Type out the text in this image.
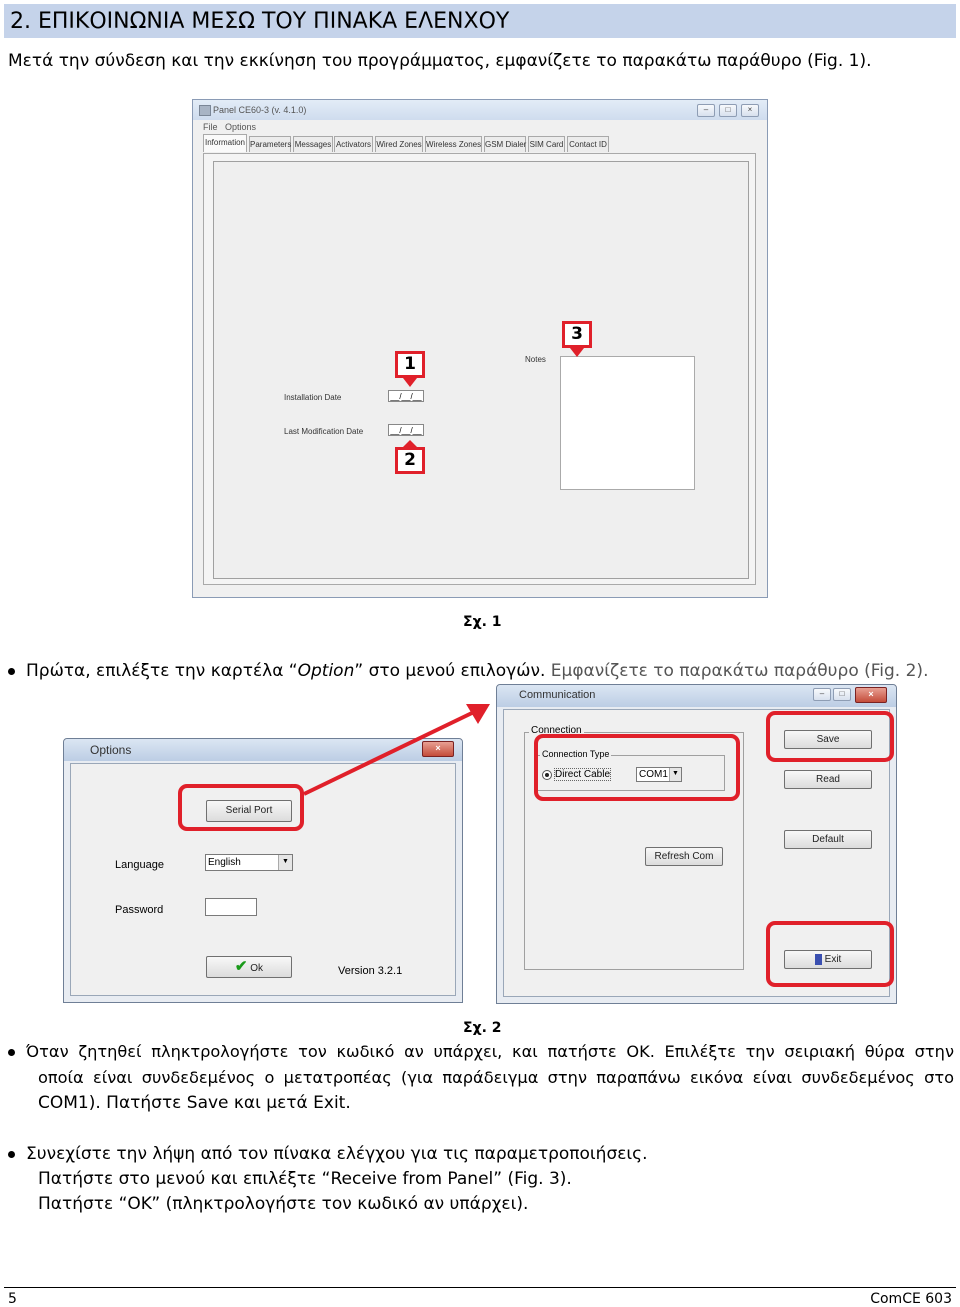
2. ΕΠΙΚΟΙΝΩΝΙΑ ΜΕΣΩ ΤΟΥ ΠΙΝΑΚΑ ΕΛΕΝΧΟΥ
Μετά την σύνδεση και την εκκίνηση του προγράμματος, εμφανίζετε το παρακάτω παράθυρο (Fig. 1).
Panel CE60-3 (v. 4.1.0)	–	□	×
File Options
Information Parameters Messages Activators Wired Zones Wireless Zones GSM Dialer SIM Card Contact ID
Installation Date	__/__/__
Last Modification Date	__/__/__
Notes
1
2
3
Σχ. 1
Πρώτα, επιλέξτε την καρτέλα “Option” στο μενού επιλογών. Εμφανίζετε το παρακάτω παράθυρο (Fig. 2).
Options	×
Serial Port
Language	English	▼
Password
✔ Ok	Version 3.2.1
Communication	–	□	×
Connection
Connection Type
Direct Cable	COM1 ▼
Refresh Com
Save
Read
Default
Exit
Σχ. 2
Όταν ζητηθεί πληκτρολογήστε τον κωδικό αν υπάρχει, και πατήστε OK. Επιλέξτε την σειριακή θύρα στην
οποία είναι συνδεδεμένος ο μετατροπέας (για παράδειγμα στην παραπάνω εικόνα είναι συνδεδεμένος στο
COM1). Πατήστε Save και μετά Exit.
Συνεχίστε την λήψη από τον πίνακα ελέγχου για τις παραμετροποιήσεις.
Πατήστε στο μενού και επιλέξτε “Receive from Panel” (Fig. 3).
Πατήστε “OK” (πληκτρολογήστε τον κωδικό αν υπάρχει).
5	ComCE 603
